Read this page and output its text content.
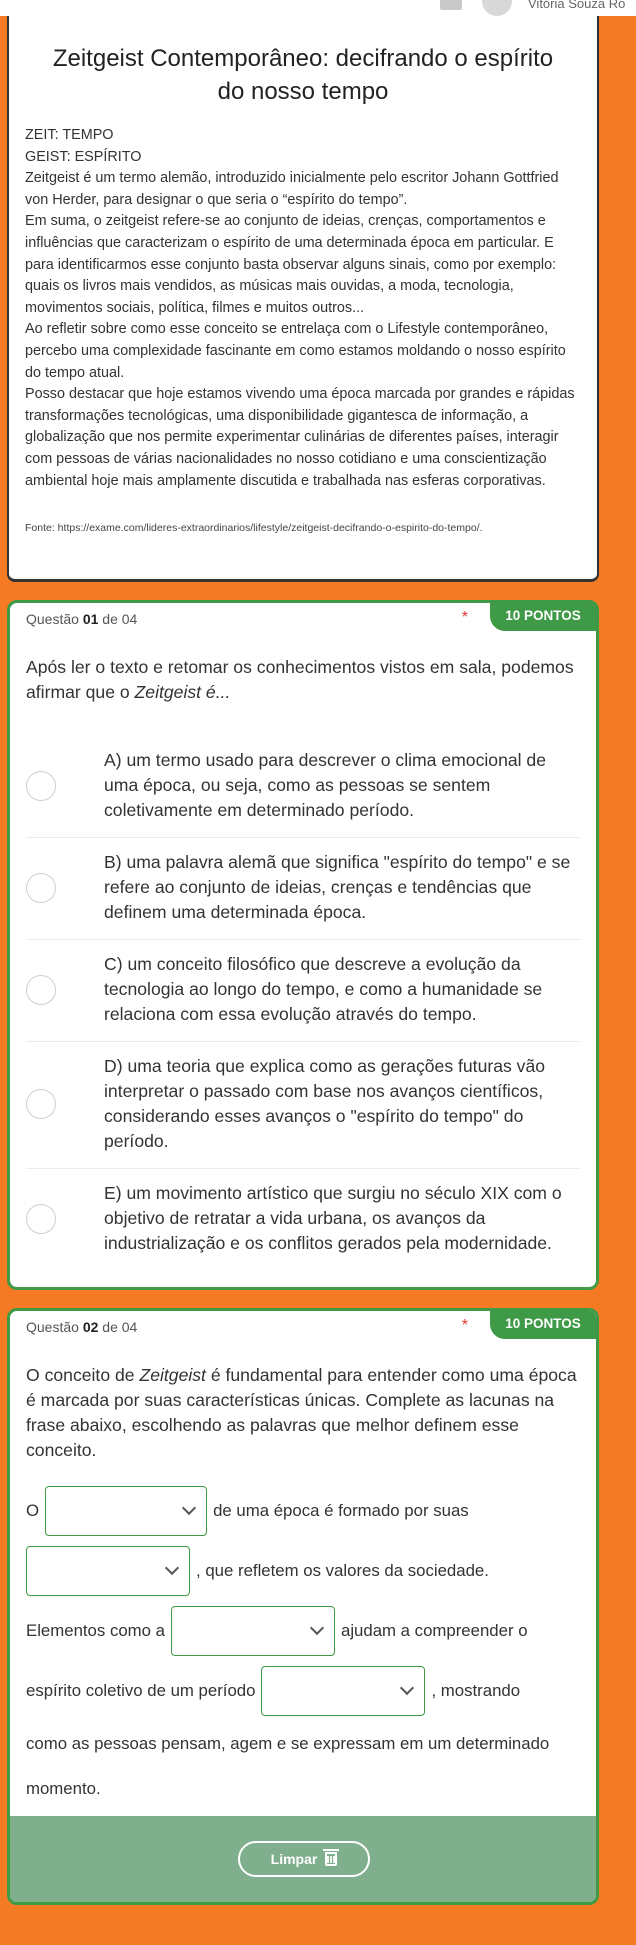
Vitória Souza Ro
Zeitgeist Contemporâneo: decifrando o espírito do nosso tempo
ZEIT: TEMPO
GEIST: ESPÍRITO
Zeitgeist é um termo alemão, introduzido inicialmente pelo escritor Johann Gottfried von Herder, para designar o que seria o “espírito do tempo”.
Em suma, o zeitgeist refere-se ao conjunto de ideias, crenças, comportamentos e influências que caracterizam o espírito de uma determinada época em particular. E para identificarmos esse conjunto basta observar alguns sinais, como por exemplo: quais os livros mais vendidos, as músicas mais ouvidas, a moda, tecnologia, movimentos sociais, política, filmes e muitos outros...
Ao refletir sobre como esse conceito se entrelaça com o Lifestyle contemporâneo, percebo uma complexidade fascinante em como estamos moldando o nosso espírito do tempo atual.
Posso destacar que hoje estamos vivendo uma época marcada por grandes e rápidas transformações tecnológicas, uma disponibilidade gigantesca de informação, a globalização que nos permite experimentar culinárias de diferentes países, interagir com pessoas de várias nacionalidades no nosso cotidiano e uma conscientização ambiental hoje mais amplamente discutida e trabalhada nas esferas corporativas.
Fonte: https://exame.com/lideres-extraordinarios/lifestyle/zeitgeist-decifrando-o-espirito-do-tempo/.
Questão 01 de 04	*	10 PONTOS
Após ler o texto e retomar os conhecimentos vistos em sala, podemos afirmar que o Zeitgeist é...
A) um termo usado para descrever o clima emocional de uma época, ou seja, como as pessoas se sentem coletivamente em determinado período.
B) uma palavra alemã que significa "espírito do tempo" e se refere ao conjunto de ideias, crenças e tendências que definem uma determinada época.
C) um conceito filosófico que descreve a evolução da tecnologia ao longo do tempo, e como a humanidade se relaciona com essa evolução através do tempo.
D) uma teoria que explica como as gerações futuras vão interpretar o passado com base nos avanços científicos, considerando esses avanços o "espírito do tempo" do período.
E) um movimento artístico que surgiu no século XIX com o objetivo de retratar a vida urbana, os avanços da industrialização e os conflitos gerados pela modernidade.
Questão 02 de 04	*	10 PONTOS
O conceito de Zeitgeist é fundamental para entender como uma época é marcada por suas características únicas. Complete as lacunas na frase abaixo, escolhendo as palavras que melhor definem esse conceito.
O	de uma época é formado por suas
, que refletem os valores da sociedade.
Elementos como a	ajudam a compreender o
espírito coletivo de um período	, mostrando
como as pessoas pensam, agem e se expressam em um determinado
momento.
Limpar
